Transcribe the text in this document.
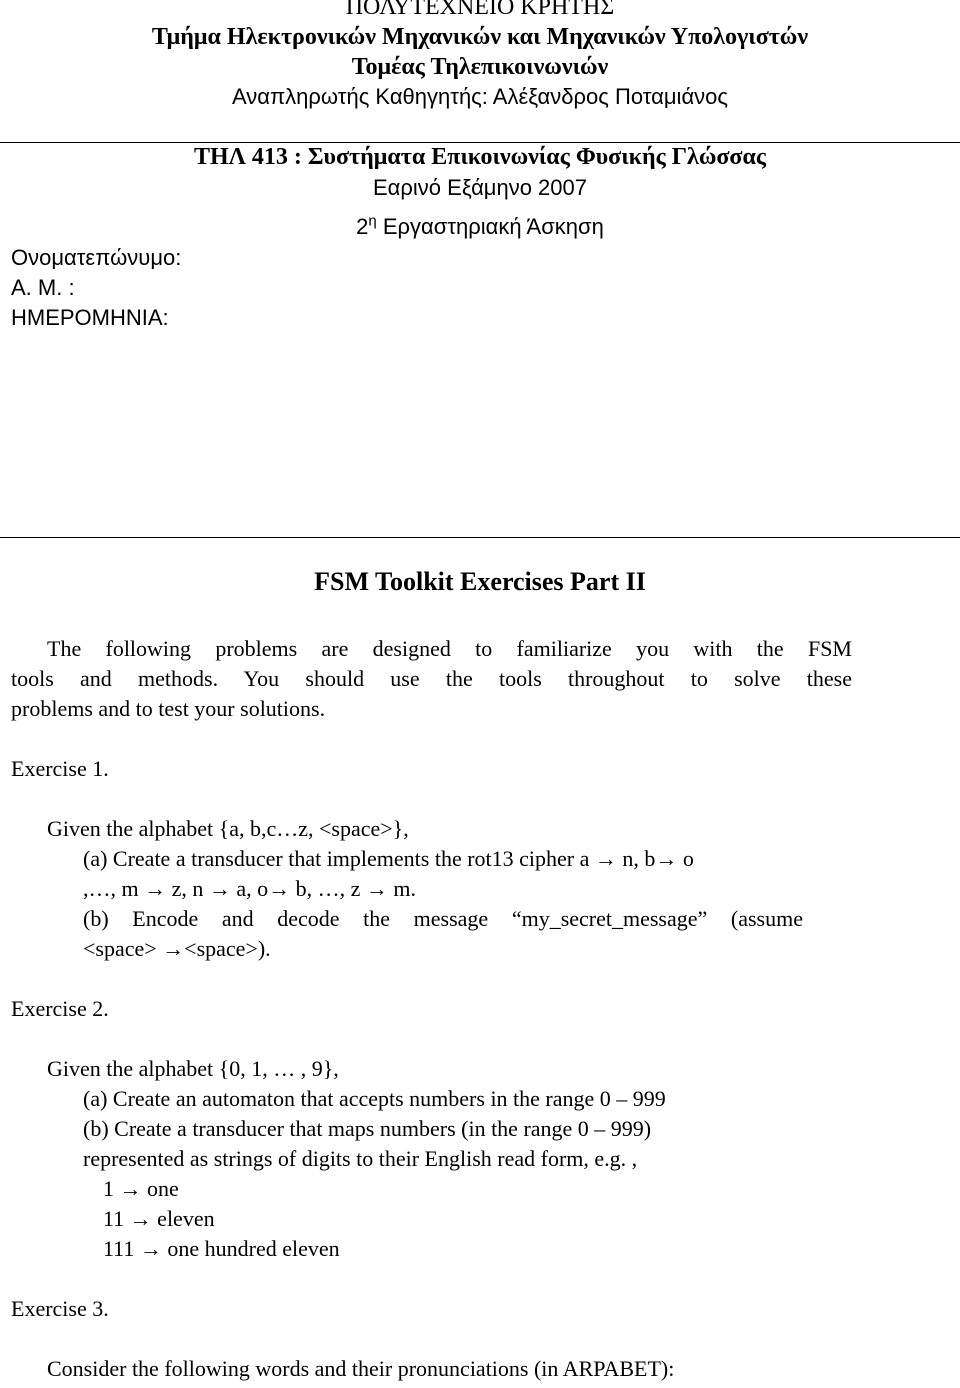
ΠΟΛΥΤΕΧΝΕΙΟ ΚΡΗΤΗΣ
Τμήμα Ηλεκτρονικών Μηχανικών και Μηχανικών Υπολογιστών
Τομέας Τηλεπικοινωνιών
Αναπληρωτής Καθηγητής: Αλέξανδρος Ποταμιάνος
ΤΗΛ 413 : Συστήματα Επικοινωνίας Φυσικής Γλώσσας
Εαρινό Εξάμηνο 2007
$2^\eta$ Εργαστηριακή Άσκηση
Ονοματεπώνυμο:
Α. Μ. :
ΗΜΕΡΟΜΗΝΙΑ:
FSM Toolkit Exercises Part II
The following problems are designed to familiarize you with the FSM
tools and methods. You should use the tools throughout to solve these
problems and to test your solutions.
Exercise 1.
Given the alphabet {a, b,c…z, <space>},
(a) Create a transducer that implements the rot13 cipher a → n, b→ o
,…, m → z, n → a, o→ b, …, z → m.
(b) Encode and decode the message “my_secret_message” (assume
<space> →<space>).
Exercise 2.
Given the alphabet {0, 1, … , 9},
(a) Create an automaton that accepts numbers in the range 0 – 999
(b) Create a transducer that maps numbers (in the range 0 – 999)
represented as strings of digits to their English read form, e.g. ,
1 → one
11 → eleven
111 → one hundred eleven
Exercise 3.
Consider the following words and their pronunciations (in ARPABET):
